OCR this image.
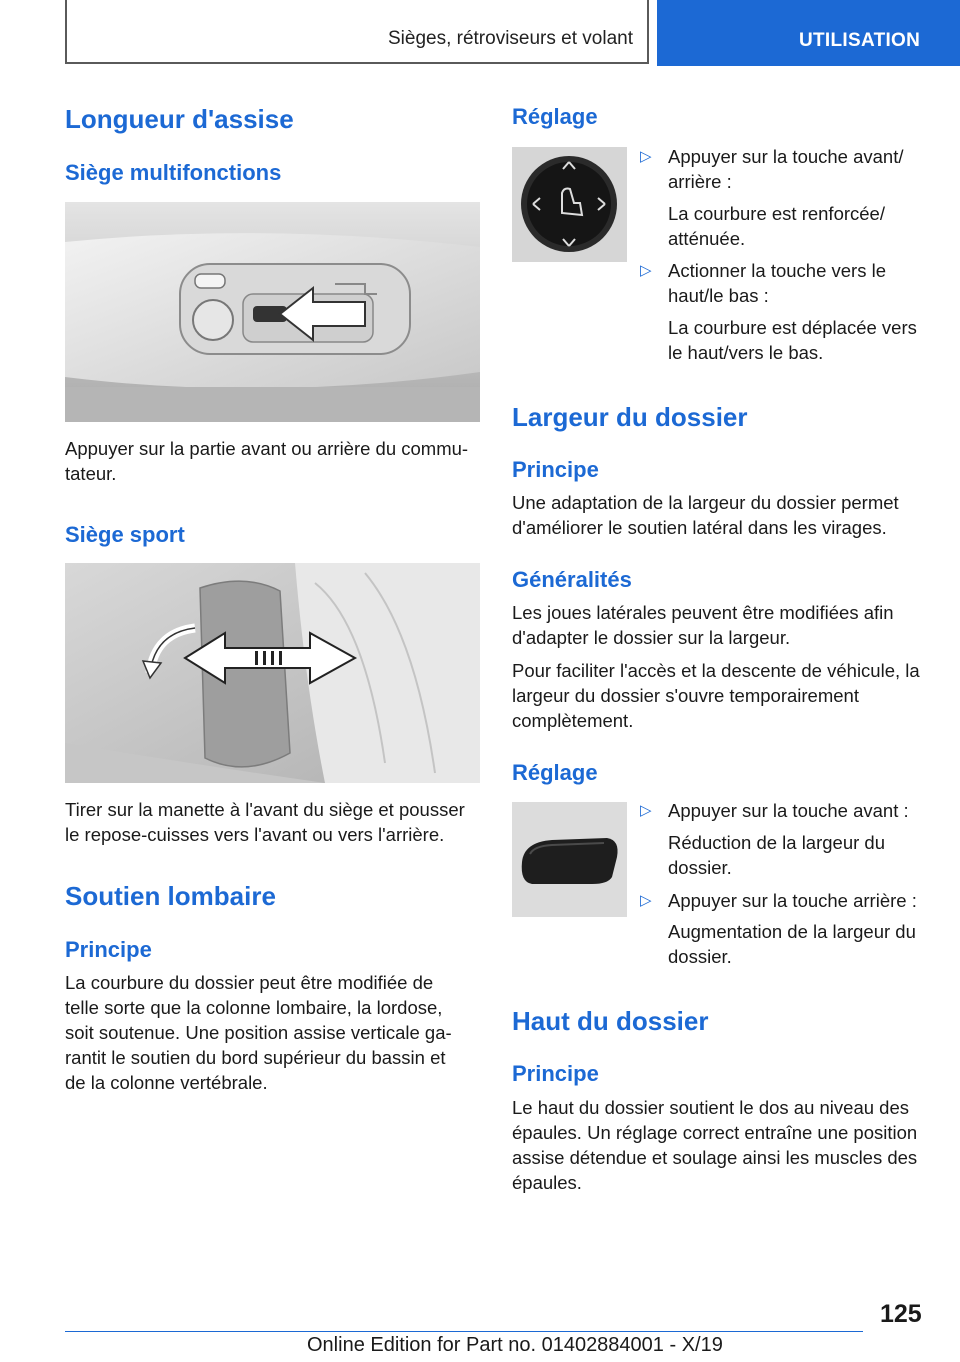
Sièges, rétroviseurs et volant	UTILISATION
Longueur d'assise
Siège multifonctions

Appuyer sur la partie avant ou arrière du commu-tateur.

Siège sport

Tirer sur la manette à l'avant du siège et pousser le repose-cuisses vers l'avant ou vers l'arrière.

Soutien lombaire
Principe

La courbure du dossier peut être modifiée de telle sorte que la colonne lombaire, la lordose, soit soutenue. Une position assise verticale ga-rantit le soutien du bord supérieur du bassin et de la colonne vertébrale.

Réglage
▷ Appuyer sur la touche avant/ arrière :
La courbure est renforcée/ atténuée.
▷ Actionner la touche vers le haut/le bas :
La courbure est déplacée vers le haut/vers le bas.
Largeur du dossier
Principe

Une adaptation de la largeur du dossier permet d'améliorer le soutien latéral dans les virages.

Généralités

Les joues latérales peuvent être modifiées afin d'adapter le dossier sur la largeur.

Pour faciliter l'accès et la descente de véhicule, la largeur du dossier s'ouvre temporairement complètement.

Réglage
▷ Appuyer sur la touche avant :
Réduction de la largeur du dossier.
▷ Appuyer sur la touche arrière :
Augmentation de la largeur du dossier.
Haut du dossier
Principe

Le haut du dossier soutient le dos au niveau des épaules. Un réglage correct entraîne une position assise détendue et soulage ainsi les muscles des épaules.

125
Online Edition for Part no. 01402884001 - X/19
